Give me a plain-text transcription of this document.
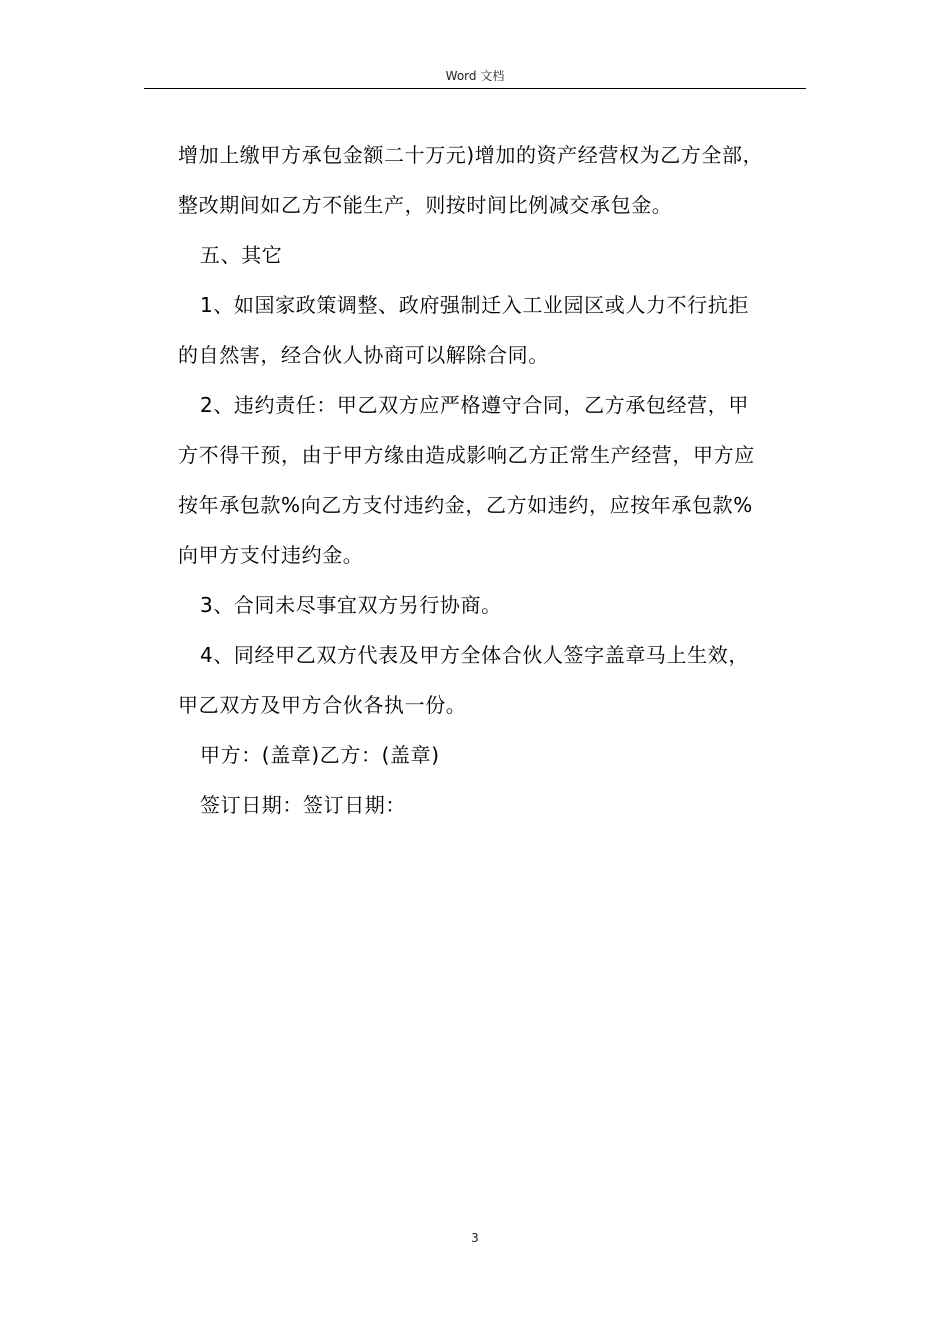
Word 文档

增加上缴甲方承包金额二十万元)增加的资产经营权为乙方全部，

整改期间如乙方不能生产，则按时间比例减交承包金。

五、其它

1、如国家政策调整、政府强制迁入工业园区或人力不行抗拒

的自然害，经合伙人协商可以解除合同。

2、违约责任：甲乙双方应严格遵守合同，乙方承包经营，甲

方不得干预，由于甲方缘由造成影响乙方正常生产经营，甲方应

按年承包款%向乙方支付违约金，乙方如违约，应按年承包款%

向甲方支付违约金。

3、合同未尽事宜双方另行协商。

4、同经甲乙双方代表及甲方全体合伙人签字盖章马上生效，

甲乙双方及甲方合伙各执一份。

甲方：(盖章)乙方：(盖章)

签订日期：签订日期：

3
